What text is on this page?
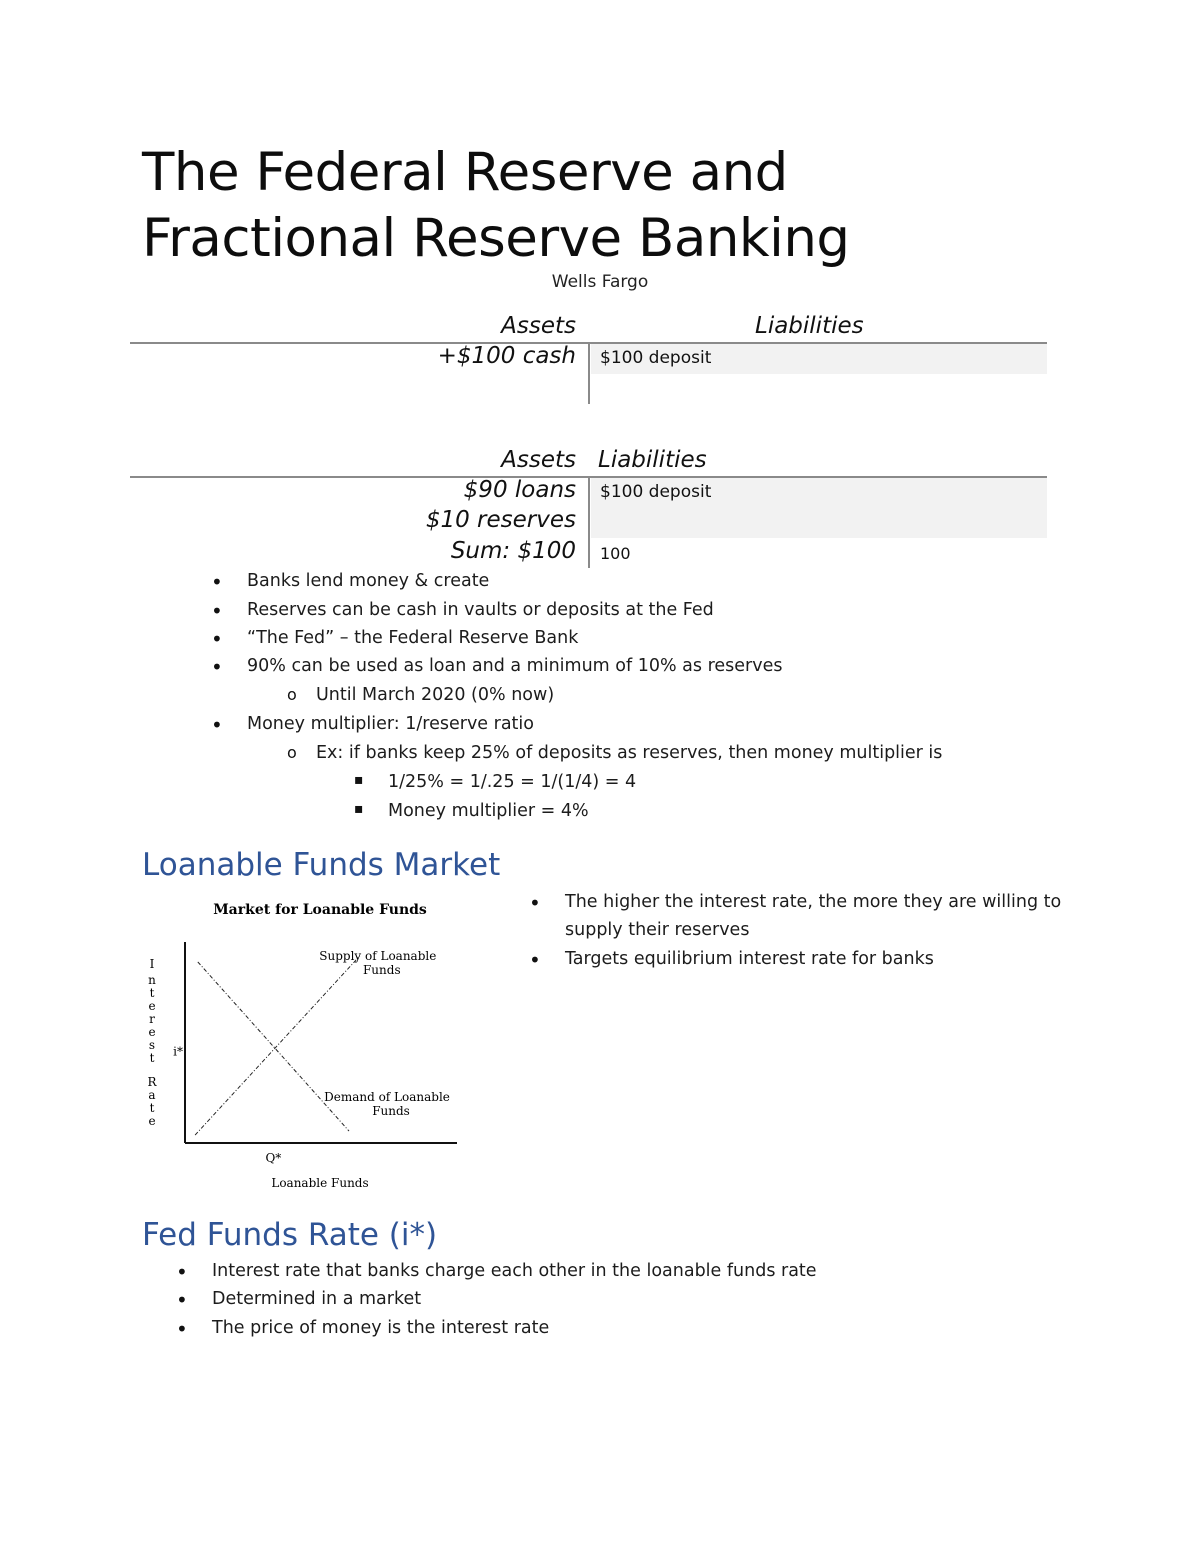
The Federal Reserve and
Fractional Reserve Banking
Wells Fargo
Assets	Liabilities
+$100 cash $100 deposit
Assets Liabilities
$90 loans
$10 reserves
Sum: $100
$100 deposit
100
• Banks lend money & create
• Reserves can be cash in vaults or deposits at the Fed
• “The Fed” – the Federal Reserve Bank
• 90% can be used as loan and a minimum of 10% as reserves
o Until March 2020 (0% now)
• Money multiplier: 1/reserve ratio
o Ex: if banks keep 25% of deposits as reserves, then money multiplier is
▪ 1/25% = 1/.25 = 1/(1/4) = 4
▪ Money multiplier = 4%
Loanable Funds Market
• The higher the interest rate, the more they are willing to
supply their reserves
• Targets equilibrium interest rate for banks
Market for Loanable Funds
I
n
t
e
r
e
s
t
R
a
t
e
Supply of Loanable Funds
Demand of Loanable Funds
i*
Q*
Loanable Funds
Fed Funds Rate (i*)
• Interest rate that banks charge each other in the loanable funds rate
• Determined in a market
• The price of money is the interest rate
